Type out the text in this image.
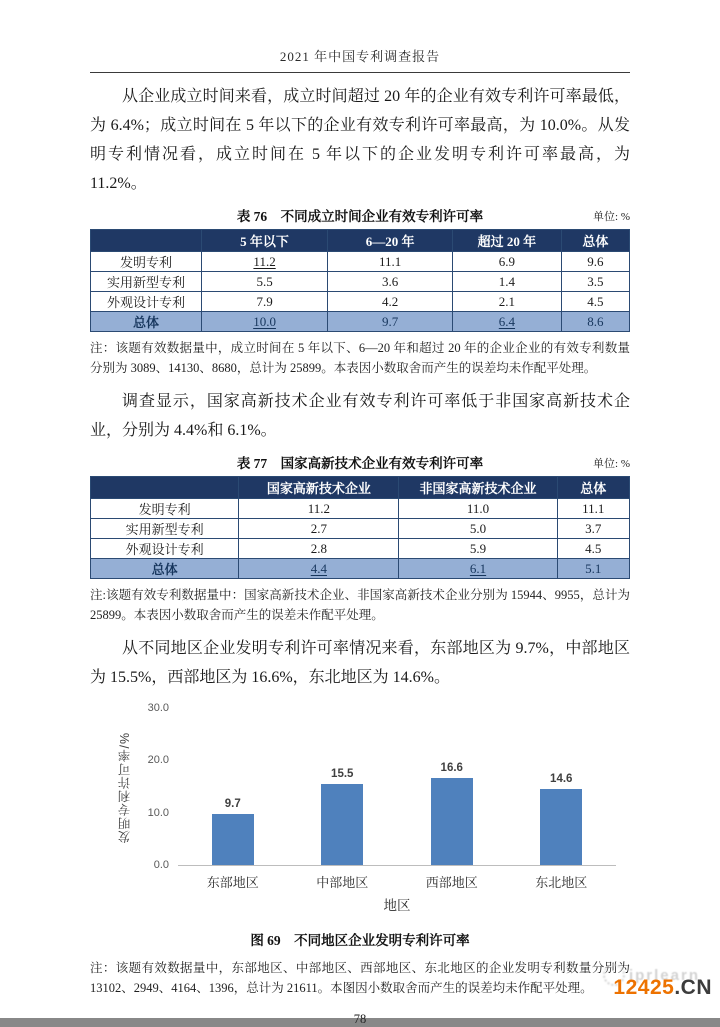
2021 年中国专利调查报告

从企业成立时间来看，成立时间超过 20 年的企业有效专利许可率最低，为 6.4%；成立时间在 5 年以下的企业有效专利许可率最高，为 10.0%。从发明专利情况看，成立时间在 5 年以下的企业发明专利许可率最高，为 11.2%。

表 76　不同成立时间企业有效专利许可率	单位: %
	5 年以下	6—20 年	超过 20 年	总体
发明专利	11.2	11.1	6.9	9.6
实用新型专利	5.5	3.6	1.4	3.5
外观设计专利	7.9	4.2	2.1	4.5
总体	10.0	9.7	6.4	8.6

注：该题有效数据量中，成立时间在 5 年以下、6—20 年和超过 20 年的企业企业的有效专利数量分别为 3089、14130、8680，总计为 25899。本表因小数取舍而产生的误差均未作配平处理。

调查显示，国家高新技术企业有效专利许可率低于非国家高新技术企业，分别为 4.4%和 6.1%。

表 77　国家高新技术企业有效专利许可率	单位: %
	国家高新技术企业	非国家高新技术企业	总体
发明专利	11.2	11.0	11.1
实用新型专利	2.7	5.0	3.7
外观设计专利	2.8	5.9	4.5
总体	4.4	6.1	5.1

注:该题有效专利数据量中：国家高新技术企业、非国家高新技术企业分别为 15944、9955，总计为 25899。本表因小数取舍而产生的误差未作配平处理。

从不同地区企业发明专利许可率情况来看，东部地区为 9.7%，中部地区为 15.5%，西部地区为 16.6%，东北地区为 14.6%。

发明专利许可率/%
30.0
20.0
10.0
0.0
9.7
15.5	16.6
14.6
东部地区	中部地区	西部地区	东北地区
地区
图 69　不同地区企业发明专利许可率

注：该题有效数据量中，东部地区、中部地区、西部地区、东北地区的企业发明专利数量分别为 13102、2949、4164、1396，总计为 21611。本图因小数取舍而产生的误差均未作配平处理。

78
iprlearn
12425.CN
